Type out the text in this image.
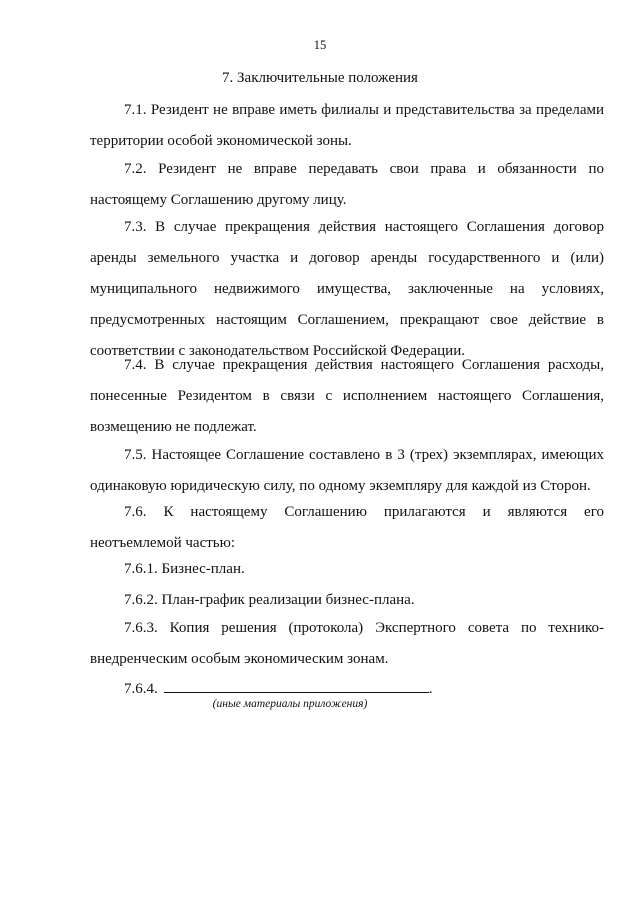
15
7. Заключительные положения

7.1. Резидент не вправе иметь филиалы и представительства за пределами территории особой экономической зоны.

7.2. Резидент не вправе передавать свои права и обязанности по настоящему Соглашению другому лицу.

7.3. В случае прекращения действия настоящего Соглашения договор аренды земельного участка и договор аренды государственного и (или) муниципального недвижимого имущества, заключенные на условиях, предусмотренных настоящим Соглашением, прекращают свое действие в соответствии с законодательством Российской Федерации.

7.4. В случае прекращения действия настоящего Соглашения расходы, понесенные Резидентом в связи с исполнением настоящего Соглашения, возмещению не подлежат.

7.5. Настоящее Соглашение составлено в 3 (трех) экземплярах, имеющих одинаковую юридическую силу, по одному экземпляру для каждой из Сторон.

7.6. К настоящему Соглашению прилагаются и являются его неотъемлемой частью:

7.6.1. Бизнес-план.

7.6.2. План-график реализации бизнес-плана.

7.6.3. Копия решения (протокола) Экспертного совета по технико-внедренческим особым экономическим зонам.

7.6.4.	.

(иные материалы приложения)
